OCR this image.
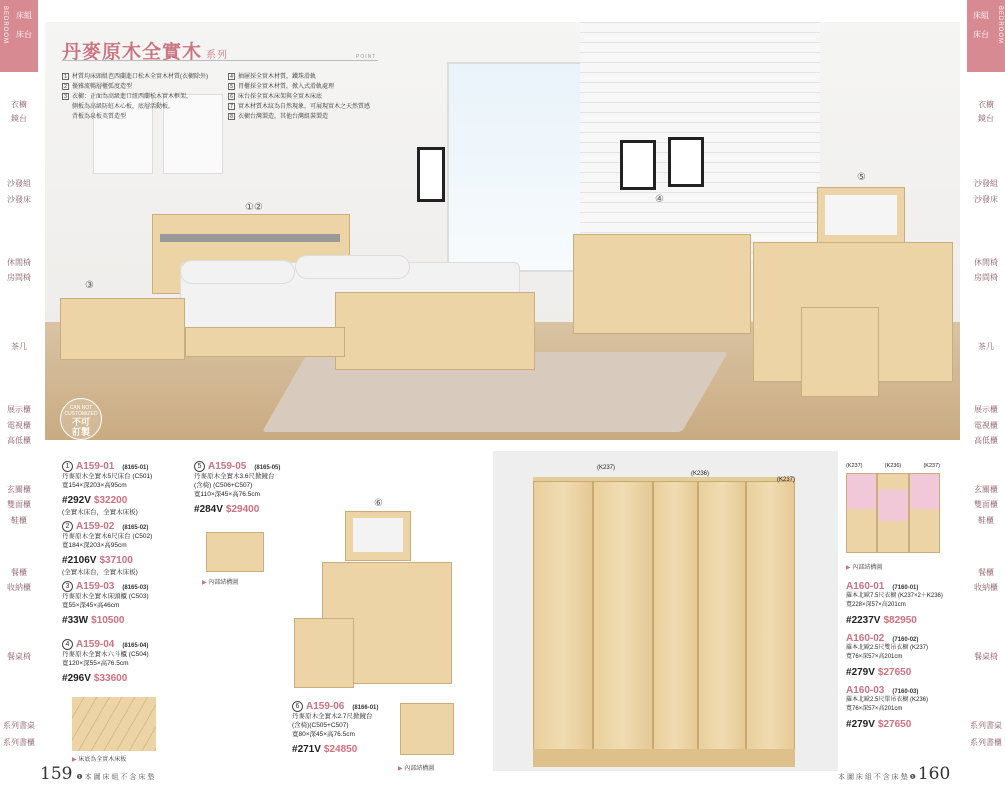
BEDROOM 床組
床台
衣櫥
鏡台
沙發組
沙發床
休閒椅
房間椅
茶几
展示櫃
電視櫃
高低櫃
玄關櫃
雙面櫃
鞋櫃
餐櫃
收納櫃
餐桌椅
系列書桌
系列書櫃
BEDROOM
床組
床台
衣櫥
鏡台
沙發組
沙發床
休閒椅
房間椅
茶几
展示櫃
電視櫃
高低櫃
玄關櫃
雙面櫃
鞋櫃
餐櫃
收納櫃
餐桌椅
系列書桌
系列書櫃
①②
③
④
⑤
丹麥原木全實木 系列	POINT
1 材質均床頭組芭西蘭進口松木全實木材質(衣櫥除外)
2 優雅流暢層櫃弧度造型
3 衣櫥：正面為高級進口紐西蘭松木實木框架，
側板為高級防蛀木心板，底層活動板，
背板為泉板英質造型
4 抽屜採全實木材質，鐵珠滑軌
5 胃櫃採全實木材質，掀入式滑軌處理
6 床台採全實木床架與全實木床底
7 實木材質木紋為自然現象，可展現實木之天然質感
8 衣櫥台灣製造，其他台灣組裝製造
CAN NOT CUSTOMIZED
不可
訂製
1 A159-01 (8165-01)
丹麥原木全實木5尺床台 (C501)
寬154×深203×高95cm
#292V $32200
(全實木床台，全實木床板)
2 A159-02 (8165-02)
丹麥原木全實木6尺床台 (C502)
寬184×深203×高95cm
#2106V $37100
(全實木床台，全實木床板)
3 A159-03 (8165-03)
丹麥原木全實木床頭櫃 (C503)
寬55×深45×高46cm
#33W $10500
4 A159-04 (8165-04)
丹麥原木全實木六斗櫃 (C504)
寬120×深55×高76.5cm
#296V $33600
▶ 床底為全實木床板
5 A159-05 (8165-05)
丹麥原木全實木3.6尺掀鏡台
(含椅) (C506+C507)
寬110×深45×高76.5cm
#284V $29400
▶ 內部結構圖
⑥
6 A159-06 (8166-01)
丹麥原木全實木2.7尺掀鏡台
(含椅)(C505+C507)
寬80×深45×高76.5cm
#271V $24850
▶ 內部結構圖
(K237)
(K236)
(K237)
(K237)	(K236)	(K237)
▶ 內部結構圖
A160-01 (7160-01)
羅本北歐7.5尺衣櫥 (K237×2＋K236)
寬228×深57×高201cm
#2237V $82950
A160-02 (7160-02)
羅本北歐2.5尺雙吊衣櫥 (K237)
寬76×深57×高201cm
#279V $27650
A160-03 (7160-03)
羅本北歐2.5尺單吊衣櫥 (K236)
寬76×深57×高201cm
#279V $27650
159 ❶ 本 圖 床 組 不 含 床 墊	本 圖 床 組 不 含 床 墊 ❶ 160
